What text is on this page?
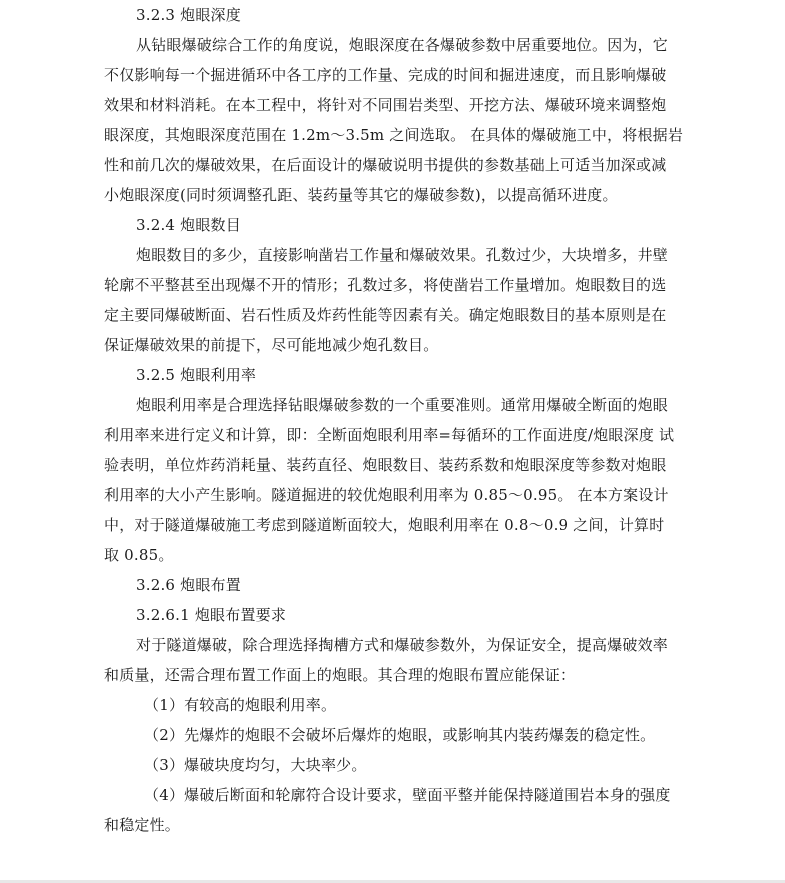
3.2.3 炮眼深度
从钻眼爆破综合工作的角度说，炮眼深度在各爆破参数中居重要地位。因为，它
不仅影响每一个掘进循环中各工序的工作量、完成的时间和掘进速度，而且影响爆破
效果和材料消耗。在本工程中，将针对不同围岩类型、开挖方法、爆破环境来调整炮
眼深度，其炮眼深度范围在 1.2m～3.5m 之间选取。 在具体的爆破施工中，将根据岩
性和前几次的爆破效果，在后面设计的爆破说明书提供的参数基础上可适当加深或减
小炮眼深度(同时须调整孔距、装药量等其它的爆破参数)，以提高循环进度。
3.2.4 炮眼数目
炮眼数目的多少，直接影响凿岩工作量和爆破效果。孔数过少，大块增多，井壁
轮廓不平整甚至出现爆不开的情形；孔数过多，将使凿岩工作量增加。炮眼数目的选
定主要同爆破断面、岩石性质及炸药性能等因素有关。确定炮眼数目的基本原则是在
保证爆破效果的前提下，尽可能地减少炮孔数目。
3.2.5 炮眼利用率
炮眼利用率是合理选择钻眼爆破参数的一个重要准则。通常用爆破全断面的炮眼
利用率来进行定义和计算，即：全断面炮眼利用率=每循环的工作面进度/炮眼深度 试
验表明，单位炸药消耗量、装药直径、炮眼数目、装药系数和炮眼深度等参数对炮眼
利用率的大小产生影响。隧道掘进的较优炮眼利用率为 0.85～0.95。 在本方案设计
中，对于隧道爆破施工考虑到隧道断面较大，炮眼利用率在 0.8～0.9 之间，计算时
取 0.85。
3.2.6 炮眼布置
3.2.6.1 炮眼布置要求
对于隧道爆破，除合理选择掏槽方式和爆破参数外，为保证安全，提高爆破效率
和质量，还需合理布置工作面上的炮眼。其合理的炮眼布置应能保证：
（1）有较高的炮眼利用率。
（2）先爆炸的炮眼不会破坏后爆炸的炮眼，或影响其内装药爆轰的稳定性。
（3）爆破块度均匀，大块率少。
（4）爆破后断面和轮廓符合设计要求，壁面平整并能保持隧道围岩本身的强度
和稳定性。
